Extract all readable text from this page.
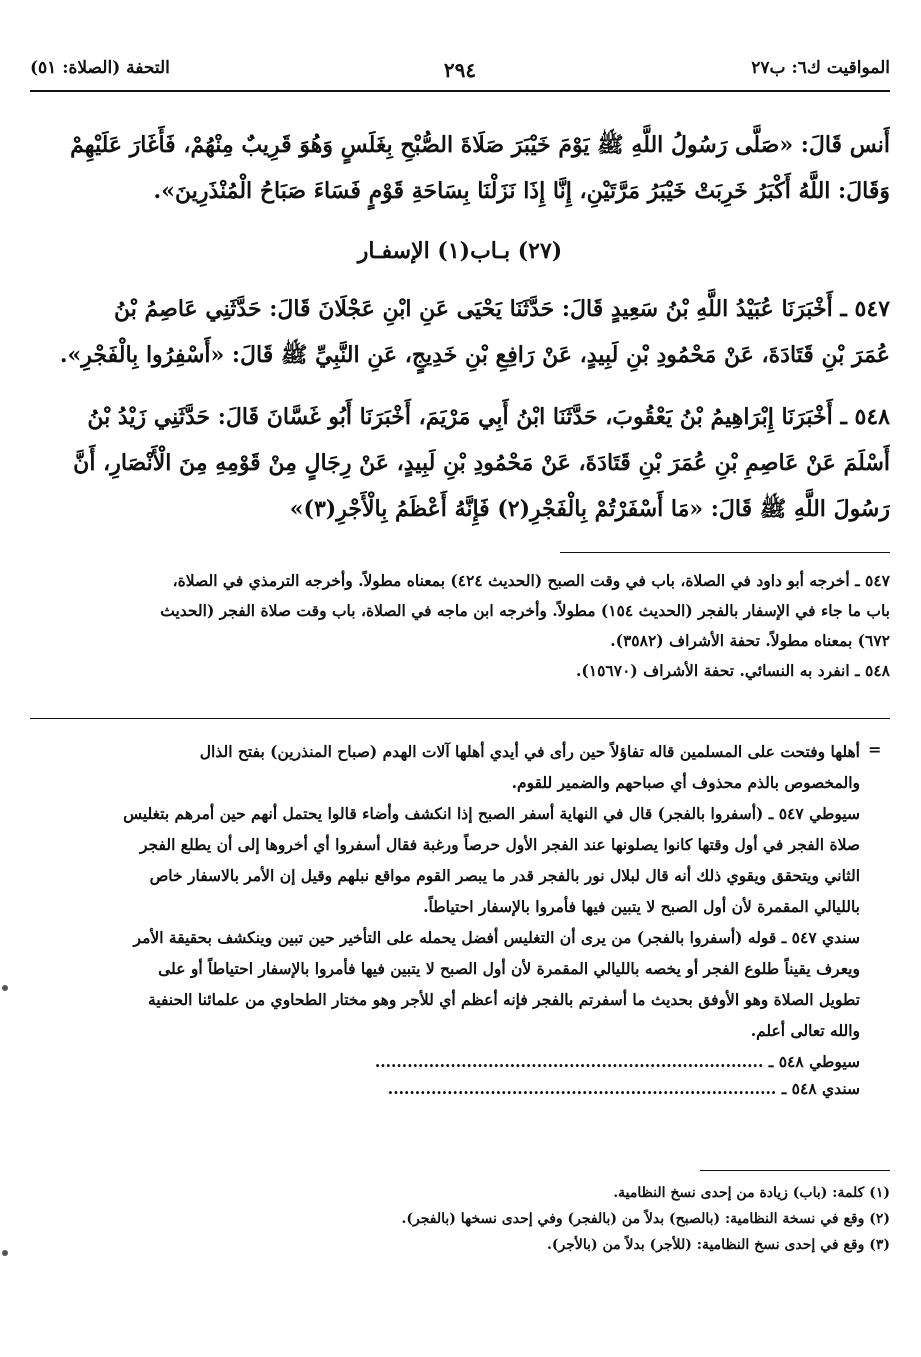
المواقيت ك٦: ب٢٧
٢٩٤
التحفة (الصلاة: ٥١)
أَنس قَالَ: «صَلَّى رَسُولُ اللَّهِ ﷺ يَوْمَ خَيْبَرَ صَلَاةَ الصُّبْحِ بِغَلَسٍ وَهُوَ قَرِيبٌ مِنْهُمْ، فَأَغَارَ عَلَيْهِمْ
وَقَالَ: اللَّهُ أَكْبَرُ خَرِبَتْ خَيْبَرُ مَرَّتَيْنِ، إِنَّا إِذَا نَزَلْنَا بِسَاحَةِ قَوْمٍ فَسَاءَ صَبَاحُ الْمُنْذَرِينَ».
(٢٧) بـاب(١) الإسفـار
٥٤٧ ـ أَخْبَرَنَا عُبَيْدُ اللَّهِ بْنُ سَعِيدٍ قَالَ: حَدَّثَنَا يَحْيَى عَنِ ابْنِ عَجْلَانَ قَالَ: حَدَّثَنِي عَاصِمُ بْنُ
عُمَرَ بْنِ قَتَادَةَ، عَنْ مَحْمُودِ بْنِ لَبِيدٍ، عَنْ رَافِعِ بْنِ خَدِيجٍ، عَنِ النَّبِيِّ ﷺ قَالَ: «أَسْفِرُوا بِالْفَجْرِ».
٥٤٨ ـ أَخْبَرَنَا إِبْرَاهِيمُ بْنُ يَعْقُوبَ، حَدَّثَنَا ابْنُ أَبِي مَرْيَمَ، أَخْبَرَنَا أَبُو غَسَّانَ قَالَ: حَدَّثَنِي زَيْدُ بْنُ
أَسْلَمَ عَنْ عَاصِمِ بْنِ عُمَرَ بْنِ قَتَادَةَ، عَنْ مَحْمُودِ بْنِ لَبِيدٍ، عَنْ رِجَالٍ مِنْ قَوْمِهِ مِنَ الْأَنْصَارِ، أَنَّ
رَسُولَ اللَّهِ ﷺ قَالَ: «مَا أَسْفَرْتُمْ بِالْفَجْرِ(٢) فَإِنَّهُ أَعْظَمُ بِالْأَجْرِ(٣)»
٥٤٧ ـ أخرجه أبو داود في الصلاة، باب في وقت الصبح (الحديث ٤٢٤) بمعناه مطولاً. وأخرجه الترمذي في الصلاة،
باب ما جاء في الإسفار بالفجر (الحديث ١٥٤) مطولاً. وأخرجه ابن ماجه في الصلاة، باب وقت صلاة الفجر (الحديث
٦٧٢) بمعناه مطولاً. تحفة الأشراف (٣٥٨٢).
٥٤٨ ـ انفرد به النسائي. تحفة الأشراف (١٥٦٧٠).
=
أهلها وفتحت على المسلمين قاله تفاؤلاً حين رأى في أيدي أهلها آلات الهدم (صباح المنذرين) بفتح الذال
والمخصوص بالذم محذوف أي صباحهم والضمير للقوم.
سيوطي ٥٤٧ ـ (أسفروا بالفجر) قال في النهاية أسفر الصبح إذا انكشف وأضاء قالوا يحتمل أنهم حين أمرهم بتغليس
صلاة الفجر في أول وقتها كانوا يصلونها عند الفجر الأول حرصاً ورغبة فقال أسفروا أي أخروها إلى أن يطلع الفجر
الثاني ويتحقق ويقوي ذلك أنه قال لبلال نور بالفجر قدر ما يبصر القوم مواقع نبلهم وقيل إن الأمر بالاسفار خاص
بالليالي المقمرة لأن أول الصبح لا يتبين فيها فأمروا بالإسفار احتياطاً.
سندي ٥٤٧ ـ قوله (أسفروا بالفجر) من يرى أن التغليس أفضل يحمله على التأخير حين تبين وينكشف بحقيقة الأمر
ويعرف يقيناً طلوع الفجر أو يخصه بالليالي المقمرة لأن أول الصبح لا يتبين فيها فأمروا بالإسفار احتياطاً أو على
تطويل الصلاة وهو الأوفق بحديث ما أسفرتم بالفجر فإنه أعظم أي للأجر وهو مختار الطحاوي من علمائنا الحنفية
والله تعالى أعلم.
سيوطي ٥٤٨ ـ ........................................................................
سندي ٥٤٨ ـ ........................................................................
(١) كلمة: (باب) زيادة من إحدى نسخ النظامية.
(٢) وقع في نسخة النظامية: (بالصبح) بدلاً من (بالفجر) وفي إحدى نسخها (بالفجر).
(٣) وقع في إحدى نسخ النظامية: (للأجر) بدلاً من (بالأجر).
